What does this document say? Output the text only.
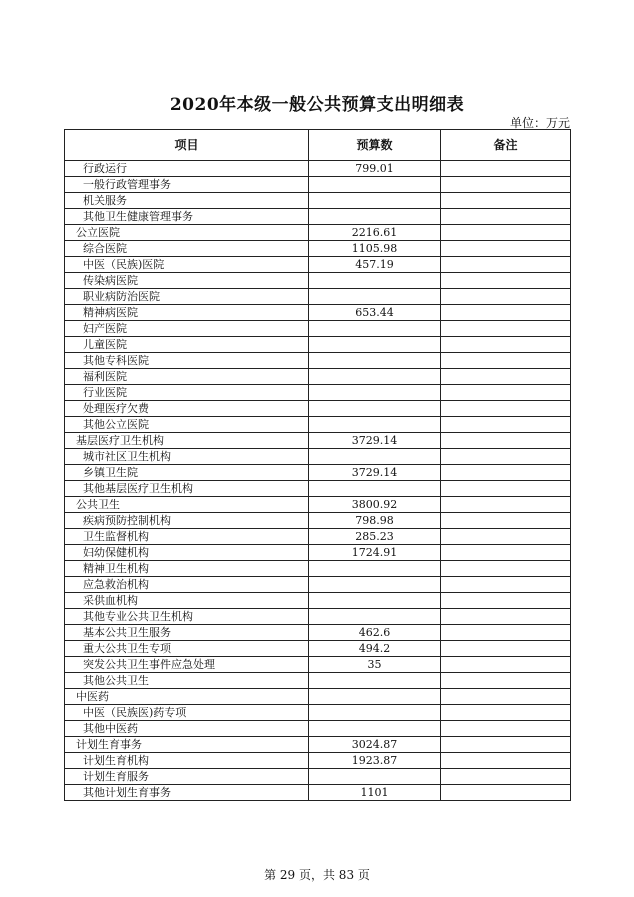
2020年本级一般公共预算支出明细表
单位：万元
项目	预算数	备注
行政运行	799.01	
一般行政管理事务		
机关服务		
其他卫生健康管理事务		
公立医院	2216.61	
综合医院	1105.98	
中医（民族)医院	457.19	
传染病医院		
职业病防治医院		
精神病医院	653.44	
妇产医院		
儿童医院		
其他专科医院		
福利医院		
行业医院		
处理医疗欠费		
其他公立医院		
基层医疗卫生机构	3729.14	
城市社区卫生机构		
乡镇卫生院	3729.14	
其他基层医疗卫生机构		
公共卫生	3800.92	
疾病预防控制机构	798.98	
卫生监督机构	285.23	
妇幼保健机构	1724.91	
精神卫生机构		
应急救治机构		
采供血机构		
其他专业公共卫生机构		
基本公共卫生服务	462.6	
重大公共卫生专项	494.2	
突发公共卫生事件应急处理	35	
其他公共卫生		
中医药		
中医（民族医)药专项		
其他中医药		
计划生育事务	3024.87	
计划生育机构	1923.87	
计划生育服务		
其他计划生育事务	1101	
第 29 页，共 83 页
